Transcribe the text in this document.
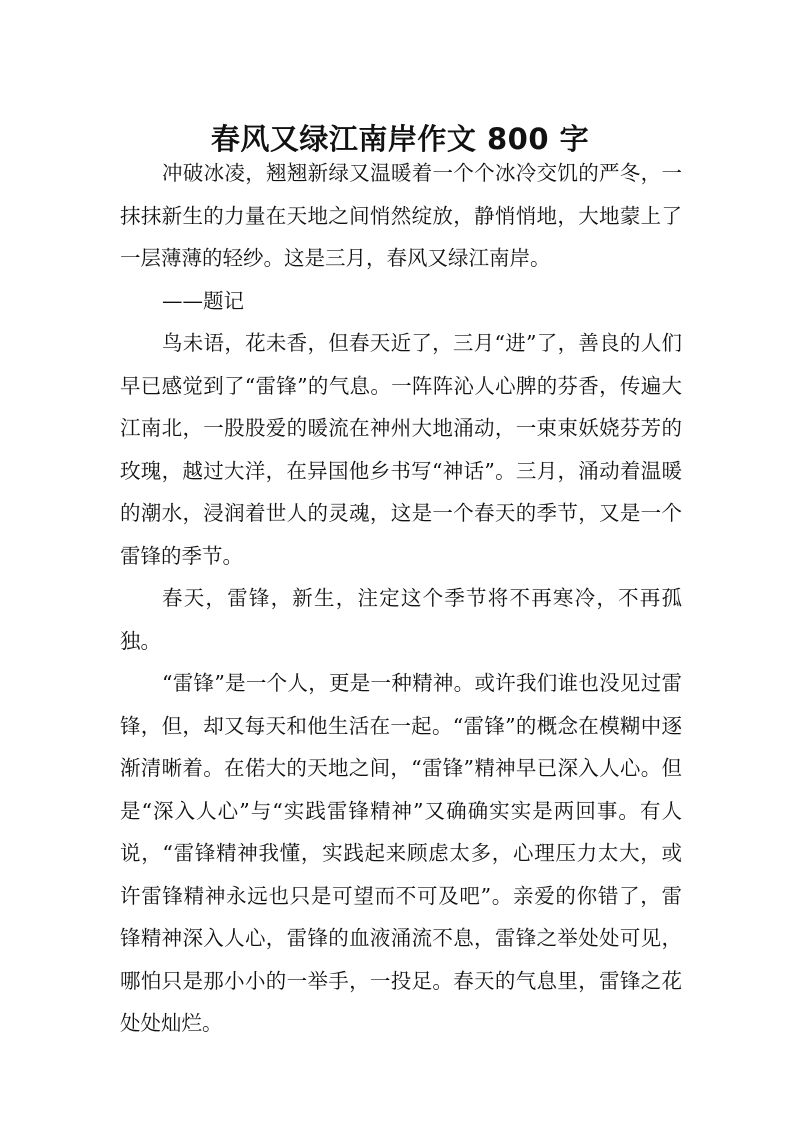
春风又绿江南岸作文 800 字

冲破冰凌，翘翘新绿又温暖着一个个冰冷交饥的严冬，一抹抹新生的力量在天地之间悄然绽放，静悄悄地，大地蒙上了一层薄薄的轻纱。这是三月，春风又绿江南岸。

——题记

鸟未语，花未香，但春天近了，三月“进”了，善良的人们早已感觉到了“雷锋”的气息。一阵阵沁人心脾的芬香，传遍大江南北，一股股爱的暖流在神州大地涌动，一束束妖娆芬芳的玫瑰，越过大洋，在异国他乡书写“神话”。三月，涌动着温暖的潮水，浸润着世人的灵魂，这是一个春天的季节，又是一个雷锋的季节。

春天，雷锋，新生，注定这个季节将不再寒冷，不再孤独。

“雷锋”是一个人，更是一种精神。或许我们谁也没见过雷锋，但，却又每天和他生活在一起。“雷锋”的概念在模糊中逐渐清晰着。在偌大的天地之间，“雷锋”精神早已深入人心。但是“深入人心”与“实践雷锋精神”又确确实实是两回事。有人说，“雷锋精神我懂，实践起来顾虑太多，心理压力太大，或许雷锋精神永远也只是可望而不可及吧”。亲爱的你错了，雷锋精神深入人心，雷锋的血液涌流不息，雷锋之举处处可见，哪怕只是那小小的一举手，一投足。春天的气息里，雷锋之花处处灿烂。
